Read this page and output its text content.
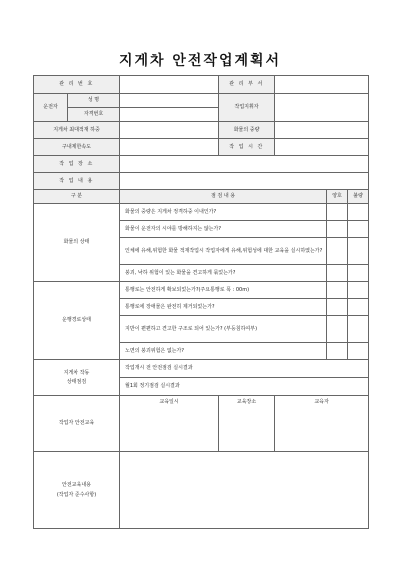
지게차 안전작업계획서
관 리 번 호			관 리 부 서			
운전자	성 명		작업지휘자			
	자격번호					
지게차 최대적재 하중			화물의 중량			
구내제한속도			작 업 시 간			
작 업 장 소						
작 업 내 용						
구 분		점 검 내 용			양호	불량
화물의 상태		화물의 중량은 지게차 정격하중 이내인가?				
		화물이 운전자의 시야를 방해하지는 않는가?				
		인체에 유해,위험한 화물 적재작업시 작업자에게 유해,위험성에 대한 교육을 실시하였는가?				
		붕괴, 낙하 위험이 있는 화물을 견고하게 묶었는가?				
운행경로상태		통행로는 안전하게 확보되었는가?(주요통행로 폭 : 00m)				
		통행로에 장애물은 완전히 제거되었는가?				
		지반이 편편하고 견고한 구조로 되어 있는가? (부등침하여부)				
		노면의 붕괴위험은 없는가?				

지게차 작동
상태점검		작업개시 전 안전점검 실시결과				
		월1회 정기점검 실시결과				
작업자 안전교육		교육일시	교육장소	교육자		

안전교육내용
(작업자 준수사항)						
